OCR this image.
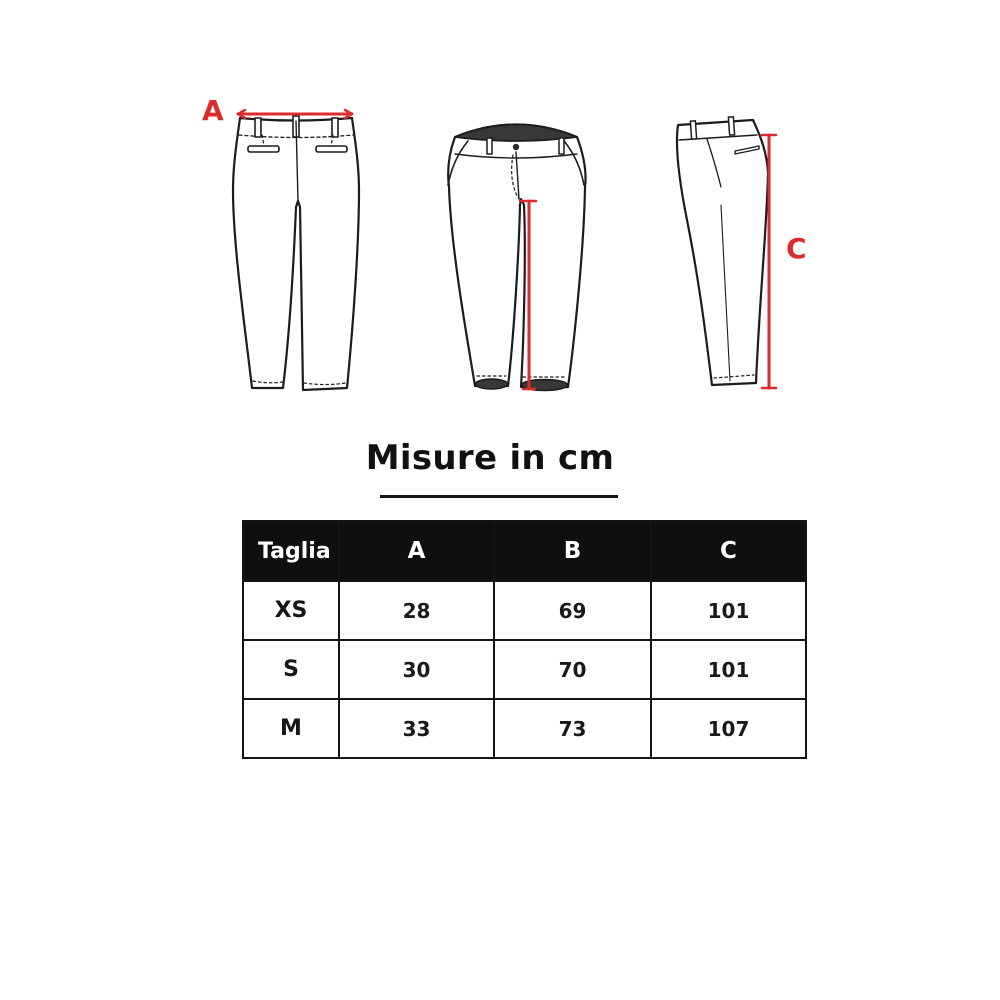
A
C
Misure in cm
Taglia	A	B	C
XS	28	69	101
S	30	70	101
M	33	73	107
